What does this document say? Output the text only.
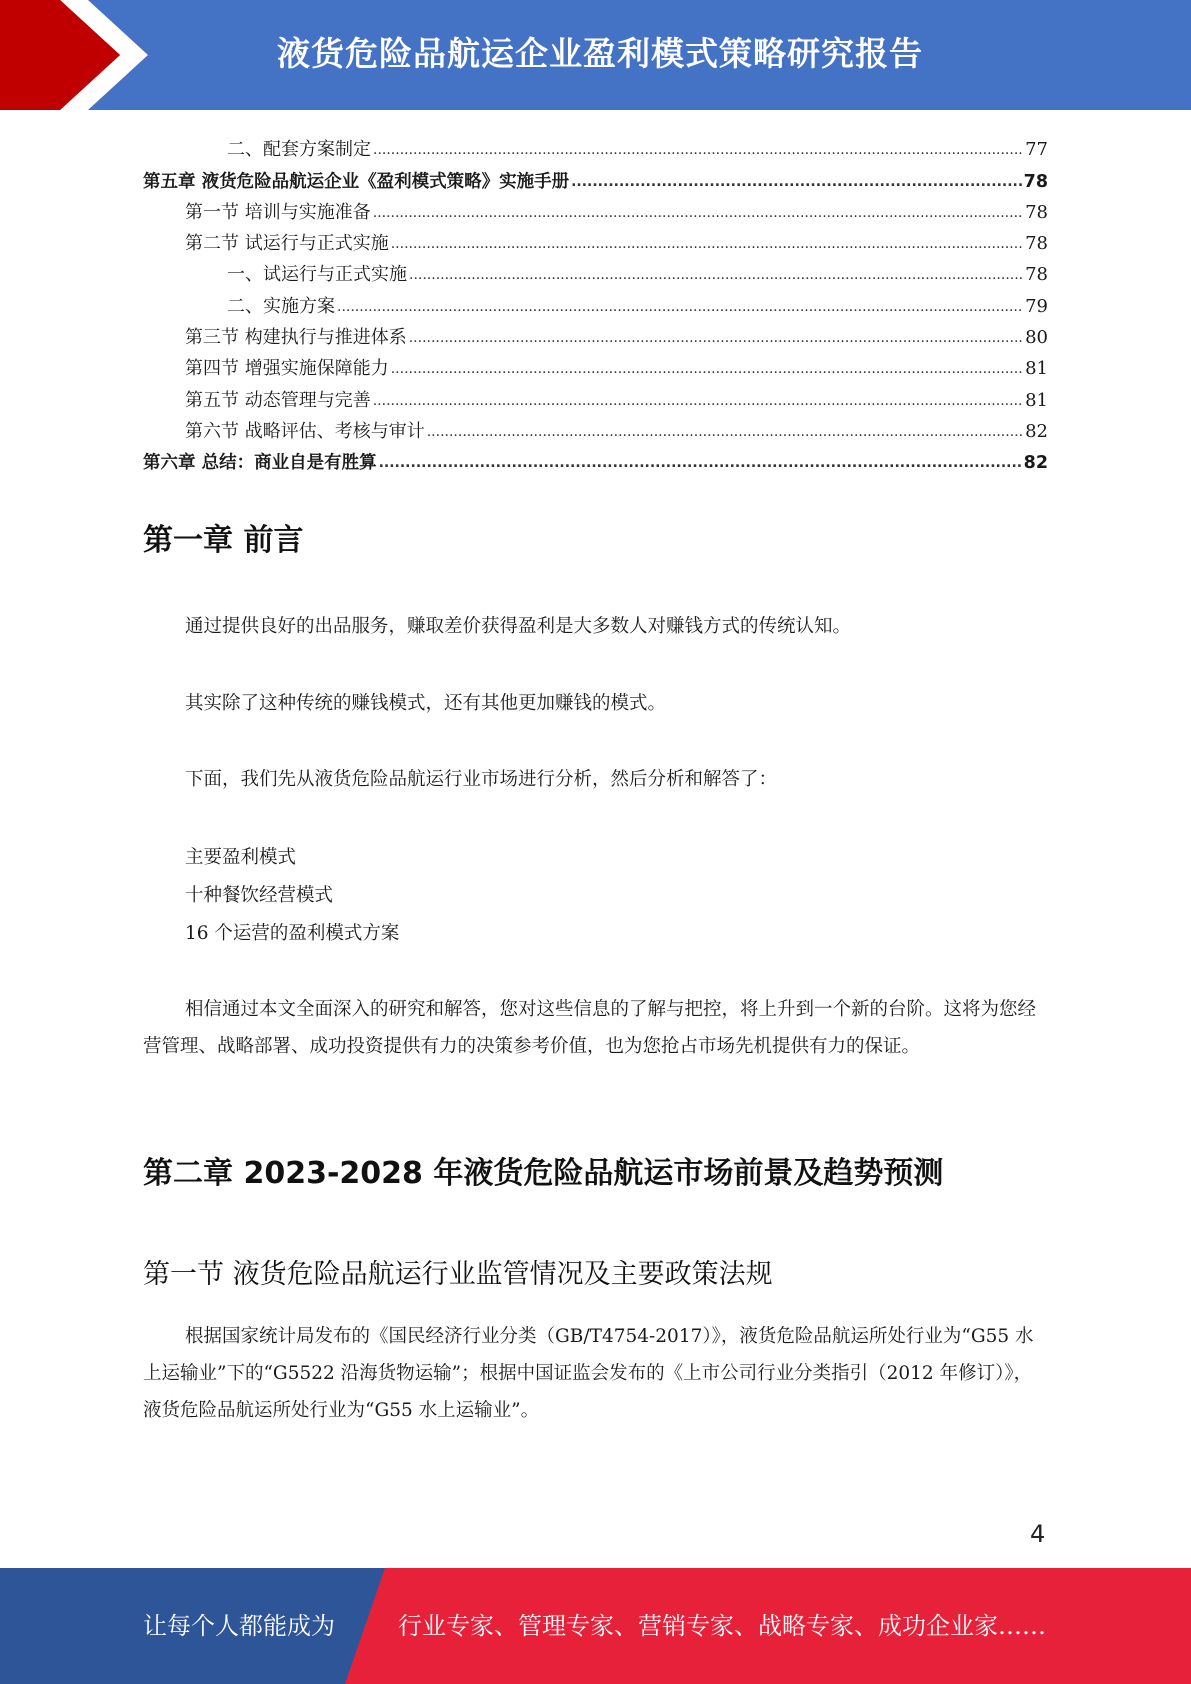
液货危险品航运企业盈利模式策略研究报告
二、配套方案制定 .....	77
第五章 液货危险品航运企业《盈利模式策略》实施手册 .....	78
第一节 培训与实施准备 .....	78
第二节 试运行与正式实施 .....	78
一、试运行与正式实施 .....	78
二、实施方案 .....	79
第三节 构建执行与推进体系 .....	80
第四节 增强实施保障能力 .....	81
第五节 动态管理与完善 .....	81
第六节 战略评估、考核与审计 .....	82
第六章 总结：商业自是有胜算 .....	82
第一章 前言
通过提供良好的出品服务，赚取差价获得盈利是大多数人对赚钱方式的传统认知。
其实除了这种传统的赚钱模式，还有其他更加赚钱的模式。
下面，我们先从液货危险品航运行业市场进行分析，然后分析和解答了：
主要盈利模式
十种餐饮经营模式
16 个运营的盈利模式方案
相信通过本文全面深入的研究和解答，您对这些信息的了解与把控，将上升到一个新的台阶。这将为您经营管理、战略部署、成功投资提供有力的决策参考价值，也为您抢占市场先机提供有力的保证。
第二章 2023-2028 年液货危险品航运市场前景及趋势预测
第一节 液货危险品航运行业监管情况及主要政策法规
根据国家统计局发布的《国民经济行业分类（GB/T4754-2017）》，液货危险品航运所处行业为“G55 水上运输业”下的“G5522 沿海货物运输”；根据中国证监会发布的《上市公司行业分类指引（2012 年修订）》，液货危险品航运所处行业为“G55 水上运输业”。
4
让每个人都能成为	行业专家、管理专家、营销专家、战略专家、成功企业家……
